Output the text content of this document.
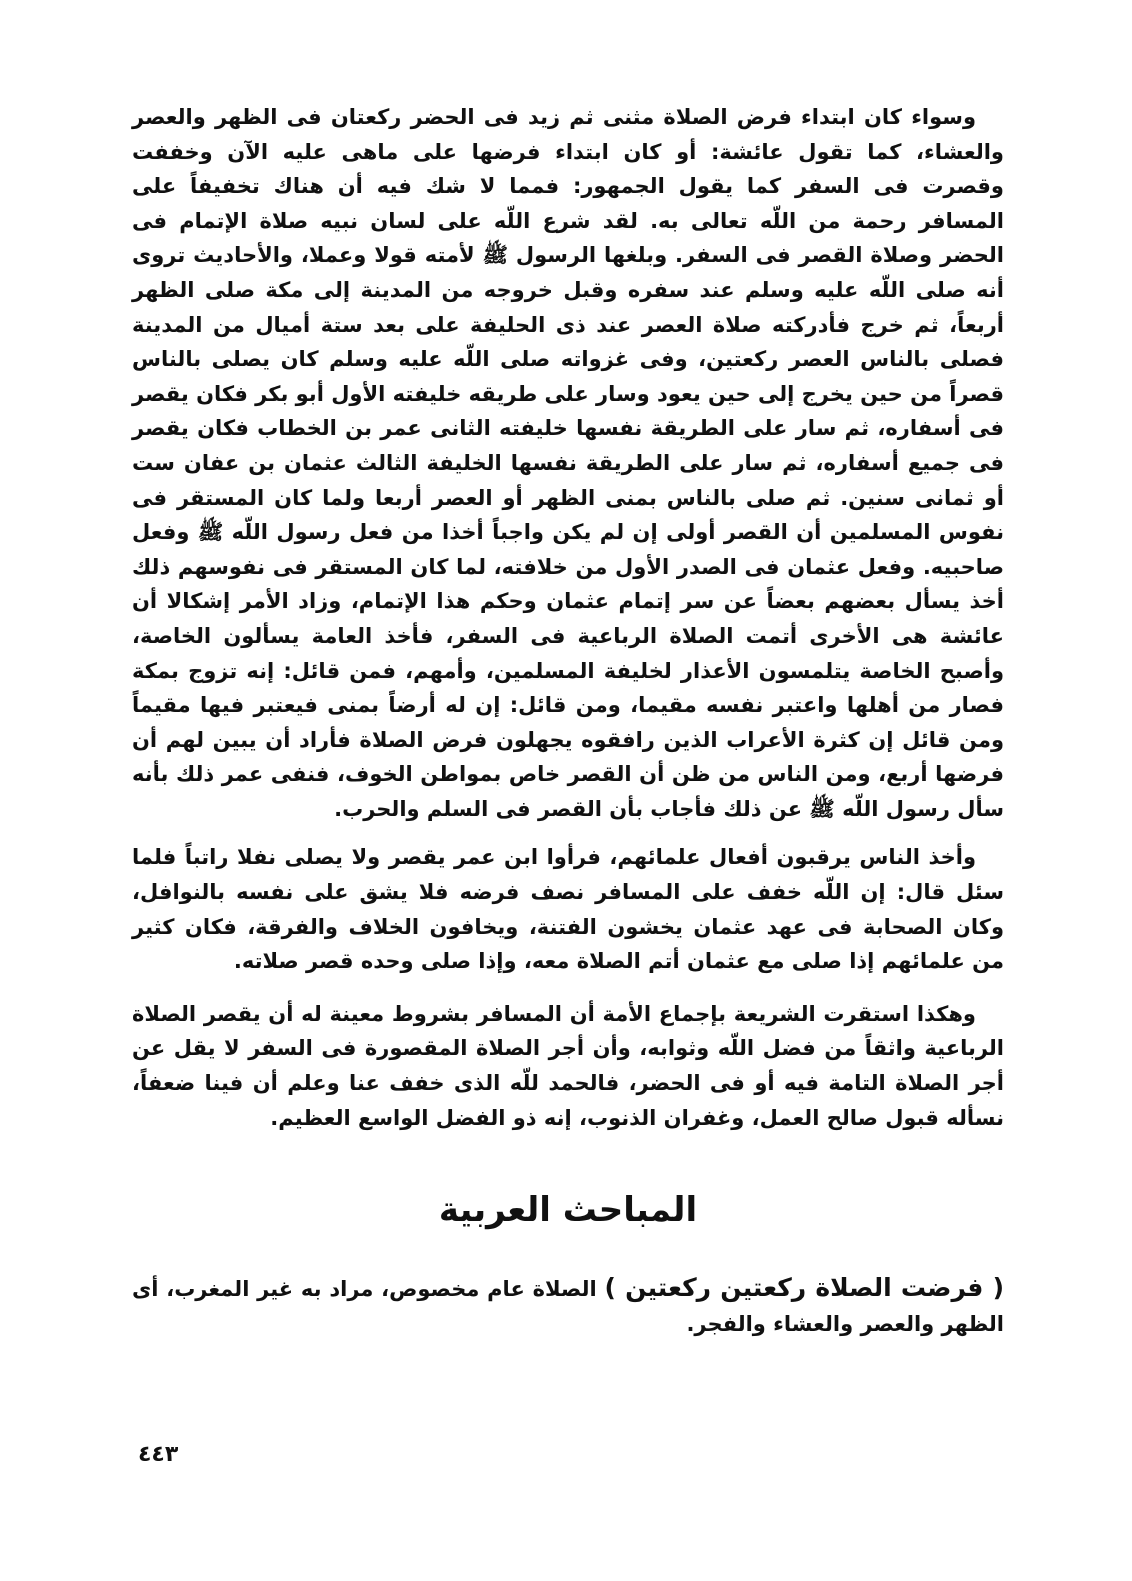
وسواء كان ابتداء فرض الصلاة مثنى ثم زيد فى الحضر ركعتان فى الظهر والعصر والعشاء، كما تقول عائشة: أو كان ابتداء فرضها على ماهى عليه الآن وخففت وقصرت فى السفر كما يقول الجمهور: فمما لا شك فيه أن هناك تخفيفاً على المسافر رحمة من اللّه تعالى به. لقد شرع اللّه على لسان نبيه صلاة الإتمام فى الحضر وصلاة القصر فى السفر. وبلغها الرسول ﷺ لأمته قولا وعملا، والأحاديث تروى أنه صلى اللّه عليه وسلم عند سفره وقبل خروجه من المدينة إلى مكة صلى الظهر أربعاً، ثم خرج فأدركته صلاة العصر عند ذى الحليفة على بعد ستة أميال من المدينة فصلى بالناس العصر ركعتين، وفى غزواته صلى اللّه عليه وسلم كان يصلى بالناس قصراً من حين يخرج إلى حين يعود وسار على طريقه خليفته الأول أبو بكر فكان يقصر فى أسفاره، ثم سار على الطريقة نفسها خليفته الثانى عمر بن الخطاب فكان يقصر فى جميع أسفاره، ثم سار على الطريقة نفسها الخليفة الثالث عثمان بن عفان ست أو ثمانى سنين. ثم صلى بالناس بمنى الظهر أو العصر أربعا ولما كان المستقر فى نفوس المسلمين أن القصر أولى إن لم يكن واجباً أخذا من فعل رسول اللّه ﷺ وفعل صاحبيه. وفعل عثمان فى الصدر الأول من خلافته، لما كان المستقر فى نفوسهم ذلك أخذ يسأل بعضهم بعضاً عن سر إتمام عثمان وحكم هذا الإتمام، وزاد الأمر إشكالا أن عائشة هى الأخرى أتمت الصلاة الرباعية فى السفر، فأخذ العامة يسألون الخاصة، وأصبح الخاصة يتلمسون الأعذار لخليفة المسلمين، وأمهم، فمن قائل: إنه تزوج بمكة فصار من أهلها واعتبر نفسه مقيما، ومن قائل: إن له أرضاً بمنى فيعتبر فيها مقيماً ومن قائل إن كثرة الأعراب الذين رافقوه يجهلون فرض الصلاة فأراد أن يبين لهم أن فرضها أربع، ومن الناس من ظن أن القصر خاص بمواطن الخوف، فنفى عمر ذلك بأنه سأل رسول اللّه ﷺ عن ذلك فأجاب بأن القصر فى السلم والحرب.

وأخذ الناس يرقبون أفعال علمائهم، فرأوا ابن عمر يقصر ولا يصلى نفلا راتباً فلما سئل قال: إن اللّه خفف على المسافر نصف فرضه فلا يشق على نفسه بالنوافل، وكان الصحابة فى عهد عثمان يخشون الفتنة، ويخافون الخلاف والفرقة، فكان كثير من علمائهم إذا صلى مع عثمان أتم الصلاة معه، وإذا صلى وحده قصر صلاته.

وهكذا استقرت الشريعة بإجماع الأمة أن المسافر بشروط معينة له أن يقصر الصلاة الرباعية واثقاً من فضل اللّه وثوابه، وأن أجر الصلاة المقصورة فى السفر لا يقل عن أجر الصلاة التامة فيه أو فى الحضر، فالحمد للّه الذى خفف عنا وعلم أن فينا ضعفاً، نسأله قبول صالح العمل، وغفران الذنوب، إنه ذو الفضل الواسع العظيم.

المباحث العربية

( فرضت الصلاة ركعتين ركعتين ) الصلاة عام مخصوص، مراد به غير المغرب، أى الظهر والعصر والعشاء والفجر.

٤٤٣
